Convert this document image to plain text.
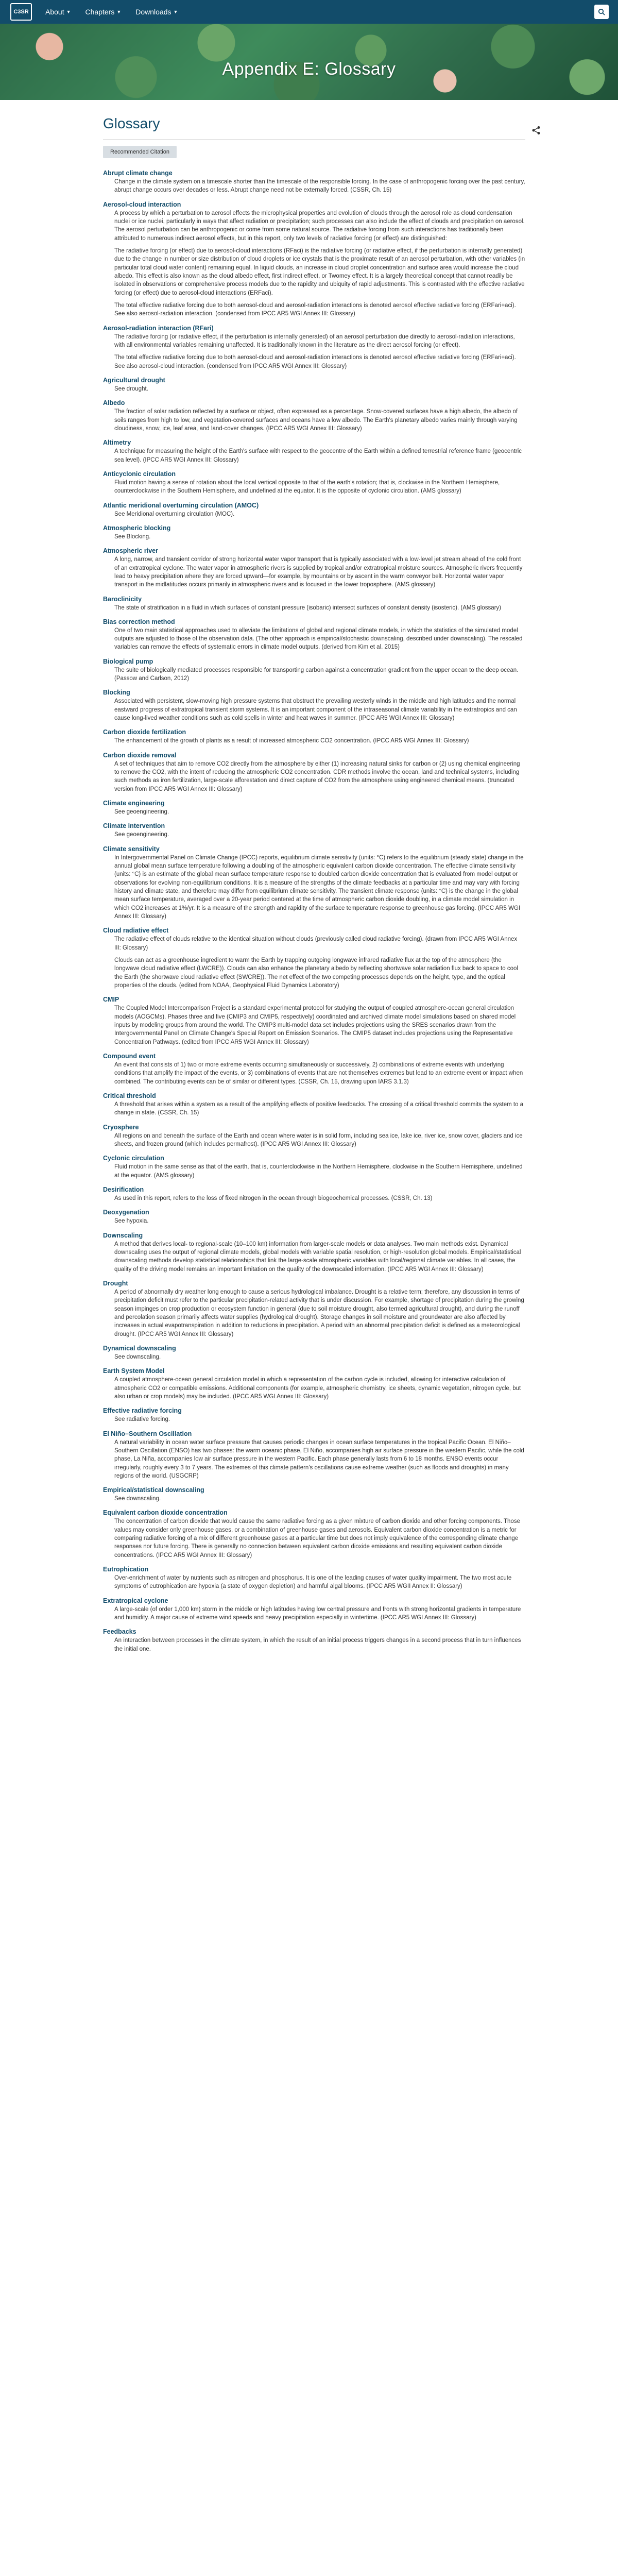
C3SR	About ▼ Chapters ▼ Downloads ▼
Appendix E: Glossary
Glossary
Recommended Citation
Abrupt climate change

Change in the climate system on a timescale shorter than the timescale of the responsible forcing. In the case of anthropogenic forcing over the past century, abrupt change occurs over decades or less. Abrupt change need not be externally forced. (CSSR, Ch. 15)

Aerosol-cloud interaction

A process by which a perturbation to aerosol effects the microphysical properties and evolution of clouds through the aerosol role as cloud condensation nuclei or ice nuclei, particularly in ways that affect radiation or precipitation; such processes can also include the effect of clouds and precipitation on aerosol. The aerosol perturbation can be anthropogenic or come from some natural source. The radiative forcing from such interactions has traditionally been attributed to numerous indirect aerosol effects, but in this report, only two levels of radiative forcing (or effect) are distinguished:

The radiative forcing (or effect) due to aerosol-cloud interactions (RFaci) is the radiative forcing (or radiative effect, if the perturbation is internally generated) due to the change in number or size distribution of cloud droplets or ice crystals that is the proximate result of an aerosol perturbation, with other variables (in particular total cloud water content) remaining equal. In liquid clouds, an increase in cloud droplet concentration and surface area would increase the cloud albedo. This effect is also known as the cloud albedo effect, first indirect effect, or Twomey effect. It is a largely theoretical concept that cannot readily be isolated in observations or comprehensive process models due to the rapidity and ubiquity of rapid adjustments. This is contrasted with the effective radiative forcing (or effect) due to aerosol-cloud interactions (ERFaci).

The total effective radiative forcing due to both aerosol-cloud and aerosol-radiation interactions is denoted aerosol effective radiative forcing (ERFari+aci). See also aerosol-radiation interaction. (condensed from IPCC AR5 WGI Annex III: Glossary)

Aerosol-radiation interaction (RFari)

The radiative forcing (or radiative effect, if the perturbation is internally generated) of an aerosol perturbation due directly to aerosol-radiation interactions, with all environmental variables remaining unaffected. It is traditionally known in the literature as the direct aerosol forcing (or effect).

The total effective radiative forcing due to both aerosol-cloud and aerosol-radiation interactions is denoted aerosol effective radiative forcing (ERFari+aci). See also aerosol-cloud interaction. (condensed from IPCC AR5 WGI Annex III: Glossary)

Agricultural drought

See drought.

Albedo

The fraction of solar radiation reflected by a surface or object, often expressed as a percentage. Snow-covered surfaces have a high albedo, the albedo of soils ranges from high to low, and vegetation-covered surfaces and oceans have a low albedo. The Earth's planetary albedo varies mainly through varying cloudiness, snow, ice, leaf area, and land-cover changes. (IPCC AR5 WGI Annex III: Glossary)

Altimetry

A technique for measuring the height of the Earth's surface with respect to the geocentre of the Earth within a defined terrestrial reference frame (geocentric sea level). (IPCC AR5 WGI Annex III: Glossary)

Anticyclonic circulation

Fluid motion having a sense of rotation about the local vertical opposite to that of the earth's rotation; that is, clockwise in the Northern Hemisphere, counterclockwise in the Southern Hemisphere, and undefined at the equator. It is the opposite of cyclonic circulation. (AMS glossary)

Atlantic meridional overturning circulation (AMOC)

See Meridional overturning circulation (MOC).

Atmospheric blocking

See Blocking.

Atmospheric river

A long, narrow, and transient corridor of strong horizontal water vapor transport that is typically associated with a low-level jet stream ahead of the cold front of an extratropical cyclone. The water vapor in atmospheric rivers is supplied by tropical and/or extratropical moisture sources. Atmospheric rivers frequently lead to heavy precipitation where they are forced upward—for example, by mountains or by ascent in the warm conveyor belt. Horizontal water vapor transport in the midlatitudes occurs primarily in atmospheric rivers and is focused in the lower troposphere. (AMS glossary)

Baroclinicity

The state of stratification in a fluid in which surfaces of constant pressure (isobaric) intersect surfaces of constant density (isosteric). (AMS glossary)

Bias correction method

One of two main statistical approaches used to alleviate the limitations of global and regional climate models, in which the statistics of the simulated model outputs are adjusted to those of the observation data. (The other approach is empirical/stochastic downscaling, described under downscaling). The rescaled variables can remove the effects of systematic errors in climate model outputs. (derived from Kim et al. 2015)

Biological pump

The suite of biologically mediated processes responsible for transporting carbon against a concentration gradient from the upper ocean to the deep ocean. (Passow and Carlson, 2012)

Blocking

Associated with persistent, slow-moving high pressure systems that obstruct the prevailing westerly winds in the middle and high latitudes and the normal eastward progress of extratropical transient storm systems. It is an important component of the intraseasonal climate variability in the extratropics and can cause long-lived weather conditions such as cold spells in winter and heat waves in summer. (IPCC AR5 WGI Annex III: Glossary)

Carbon dioxide fertilization

The enhancement of the growth of plants as a result of increased atmospheric CO2 concentration. (IPCC AR5 WGI Annex III: Glossary)

Carbon dioxide removal

A set of techniques that aim to remove CO2 directly from the atmosphere by either (1) increasing natural sinks for carbon or (2) using chemical engineering to remove the CO2, with the intent of reducing the atmospheric CO2 concentration. CDR methods involve the ocean, land and technical systems, including such methods as iron fertilization, large-scale afforestation and direct capture of CO2 from the atmosphere using engineered chemical means. (truncated version from IPCC AR5 WGI Annex III: Glossary)

Climate engineering

See geoengineering.

Climate intervention

See geoengineering.

Climate sensitivity

In Intergovernmental Panel on Climate Change (IPCC) reports, equilibrium climate sensitivity (units: °C) refers to the equilibrium (steady state) change in the annual global mean surface temperature following a doubling of the atmospheric equivalent carbon dioxide concentration. The effective climate sensitivity (units: °C) is an estimate of the global mean surface temperature response to doubled carbon dioxide concentration that is evaluated from model output or observations for evolving non-equilibrium conditions. It is a measure of the strengths of the climate feedbacks at a particular time and may vary with forcing history and climate state, and therefore may differ from equilibrium climate sensitivity. The transient climate response (units: °C) is the change in the global mean surface temperature, averaged over a 20-year period centered at the time of atmospheric carbon dioxide doubling, in a climate model simulation in which CO2 increases at 1%/yr. It is a measure of the strength and rapidity of the surface temperature response to greenhouse gas forcing. (IPCC AR5 WGI Annex III: Glossary)

Cloud radiative effect

The radiative effect of clouds relative to the identical situation without clouds (previously called cloud radiative forcing). (drawn from IPCC AR5 WGI Annex III: Glossary)

Clouds can act as a greenhouse ingredient to warm the Earth by trapping outgoing longwave infrared radiative flux at the top of the atmosphere (the longwave cloud radiative effect (LWCRE)). Clouds can also enhance the planetary albedo by reflecting shortwave solar radiation flux back to space to cool the Earth (the shortwave cloud radiative effect (SWCRE)). The net effect of the two competing processes depends on the height, type, and the optical properties of the clouds. (edited from NOAA, Geophysical Fluid Dynamics Laboratory)

CMIP

The Coupled Model Intercomparison Project is a standard experimental protocol for studying the output of coupled atmosphere-ocean general circulation models (AOGCMs). Phases three and five (CMIP3 and CMIP5, respectively) coordinated and archived climate model simulations based on shared model inputs by modeling groups from around the world. The CMIP3 multi-model data set includes projections using the SRES scenarios drawn from the Intergovernmental Panel on Climate Change's Special Report on Emission Scenarios. The CMIP5 dataset includes projections using the Representative Concentration Pathways. (edited from IPCC AR5 WGI Annex III: Glossary)

Compound event

An event that consists of 1) two or more extreme events occurring simultaneously or successively, 2) combinations of extreme events with underlying conditions that amplify the impact of the events, or 3) combinations of events that are not themselves extremes but lead to an extreme event or impact when combined. The contributing events can be of similar or different types. (CSSR, Ch. 15, drawing upon IARS 3.1.3)

Critical threshold

A threshold that arises within a system as a result of the amplifying effects of positive feedbacks. The crossing of a critical threshold commits the system to a change in state. (CSSR, Ch. 15)

Cryosphere

All regions on and beneath the surface of the Earth and ocean where water is in solid form, including sea ice, lake ice, river ice, snow cover, glaciers and ice sheets, and frozen ground (which includes permafrost). (IPCC AR5 WGI Annex III: Glossary)

Cyclonic circulation

Fluid motion in the same sense as that of the earth, that is, counterclockwise in the Northern Hemisphere, clockwise in the Southern Hemisphere, undefined at the equator. (AMS glossary)

Desirification

As used in this report, refers to the loss of fixed nitrogen in the ocean through biogeochemical processes. (CSSR, Ch. 13)

Deoxygenation

See hypoxia.

Downscaling

A method that derives local- to regional-scale (10–100 km) information from larger-scale models or data analyses. Two main methods exist. Dynamical downscaling uses the output of regional climate models, global models with variable spatial resolution, or high-resolution global models. Empirical/statistical downscaling methods develop statistical relationships that link the large-scale atmospheric variables with local/regional climate variables. In all cases, the quality of the driving model remains an important limitation on the quality of the downscaled information. (IPCC AR5 WGI Annex III: Glossary)

Drought

A period of abnormally dry weather long enough to cause a serious hydrological imbalance. Drought is a relative term; therefore, any discussion in terms of precipitation deficit must refer to the particular precipitation-related activity that is under discussion. For example, shortage of precipitation during the growing season impinges on crop production or ecosystem function in general (due to soil moisture drought, also termed agricultural drought), and during the runoff and percolation season primarily affects water supplies (hydrological drought). Storage changes in soil moisture and groundwater are also affected by increases in actual evapotranspiration in addition to reductions in precipitation. A period with an abnormal precipitation deficit is defined as a meteorological drought. (IPCC AR5 WGI Annex III: Glossary)

Dynamical downscaling

See downscaling.

Earth System Model

A coupled atmosphere-ocean general circulation model in which a representation of the carbon cycle is included, allowing for interactive calculation of atmospheric CO2 or compatible emissions. Additional components (for example, atmospheric chemistry, ice sheets, dynamic vegetation, nitrogen cycle, but also urban or crop models) may be included. (IPCC AR5 WGI Annex III: Glossary)

Effective radiative forcing

See radiative forcing.

El Niño–Southern Oscillation

A natural variability in ocean water surface pressure that causes periodic changes in ocean surface temperatures in the tropical Pacific Ocean. El Niño–Southern Oscillation (ENSO) has two phases: the warm oceanic phase, El Niño, accompanies high air surface pressure in the western Pacific, while the cold phase, La Niña, accompanies low air surface pressure in the western Pacific. Each phase generally lasts from 6 to 18 months. ENSO events occur irregularly, roughly every 3 to 7 years. The extremes of this climate pattern's oscillations cause extreme weather (such as floods and droughts) in many regions of the world. (USGCRP)

Empirical/statistical downscaling

See downscaling.

Equivalent carbon dioxide concentration

The concentration of carbon dioxide that would cause the same radiative forcing as a given mixture of carbon dioxide and other forcing components. Those values may consider only greenhouse gases, or a combination of greenhouse gases and aerosols. Equivalent carbon dioxide concentration is a metric for comparing radiative forcing of a mix of different greenhouse gases at a particular time but does not imply equivalence of the corresponding climate change responses nor future forcing. There is generally no connection between equivalent carbon dioxide emissions and resulting equivalent carbon dioxide concentrations. (IPCC AR5 WGI Annex III: Glossary)

Eutrophication

Over-enrichment of water by nutrients such as nitrogen and phosphorus. It is one of the leading causes of water quality impairment. The two most acute symptoms of eutrophication are hypoxia (a state of oxygen depletion) and harmful algal blooms. (IPCC AR5 WGII Annex II: Glossary)

Extratropical cyclone

A large-scale (of order 1,000 km) storm in the middle or high latitudes having low central pressure and fronts with strong horizontal gradients in temperature and humidity. A major cause of extreme wind speeds and heavy precipitation especially in wintertime. (IPCC AR5 WGI Annex III: Glossary)

Feedbacks

An interaction between processes in the climate system, in which the result of an initial process triggers changes in a second process that in turn influences the initial one.
